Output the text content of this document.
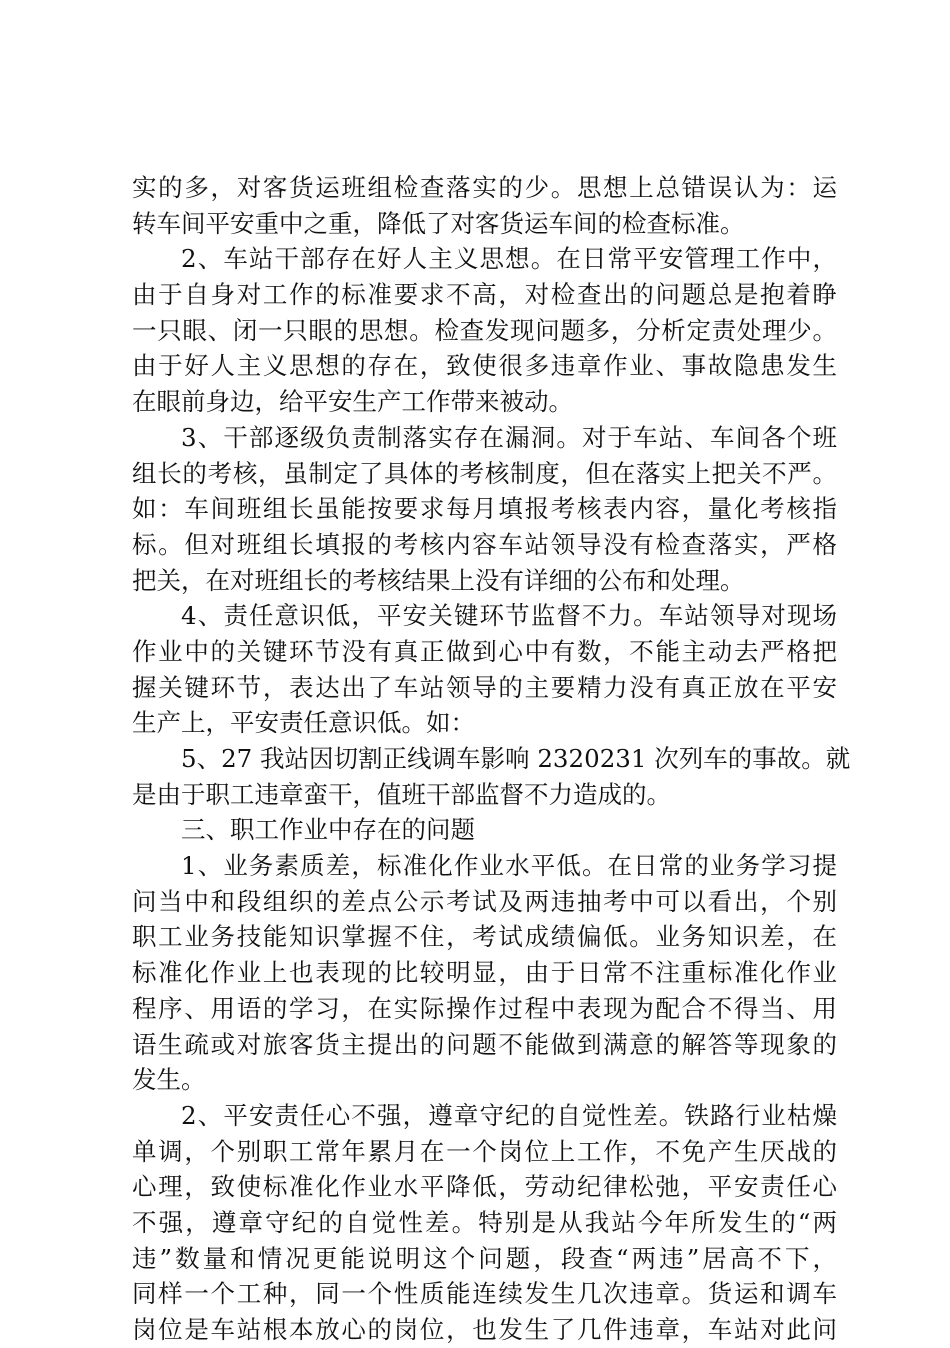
实的多，对客货运班组检查落实的少。思想上总错误认为：运
转车间平安重中之重，降低了对客货运车间的检查标准。
2、车站干部存在好人主义思想。在日常平安管理工作中，
由于自身对工作的标准要求不高，对检查出的问题总是抱着睁
一只眼、闭一只眼的思想。检查发现问题多，分析定责处理少。
由于好人主义思想的存在，致使很多违章作业、事故隐患发生
在眼前身边，给平安生产工作带来被动。
3、干部逐级负责制落实存在漏洞。对于车站、车间各个班
组长的考核，虽制定了具体的考核制度，但在落实上把关不严。
如：车间班组长虽能按要求每月填报考核表内容，量化考核指
标。但对班组长填报的考核内容车站领导没有检查落实，严格
把关，在对班组长的考核结果上没有详细的公布和处理。
4、责任意识低，平安关键环节监督不力。车站领导对现场
作业中的关键环节没有真正做到心中有数，不能主动去严格把
握关键环节，表达出了车站领导的主要精力没有真正放在平安
生产上，平安责任意识低。如：
5、27 我站因切割正线调车影响 2320231 次列车的事故。就
是由于职工违章蛮干，值班干部监督不力造成的。
三、职工作业中存在的问题
1、业务素质差，标准化作业水平低。在日常的业务学习提
问当中和段组织的差点公示考试及两违抽考中可以看出，个别
职工业务技能知识掌握不住，考试成绩偏低。业务知识差，在
标准化作业上也表现的比较明显，由于日常不注重标准化作业
程序、用语的学习，在实际操作过程中表现为配合不得当、用
语生疏或对旅客货主提出的问题不能做到满意的解答等现象的
发生。
2、平安责任心不强，遵章守纪的自觉性差。铁路行业枯燥
单调，个别职工常年累月在一个岗位上工作，不免产生厌战的
心理，致使标准化作业水平降低，劳动纪律松弛，平安责任心
不强，遵章守纪的自觉性差。特别是从我站今年所发生的“两
违”数量和情况更能说明这个问题，段查“两违”居高不下，
同样一个工种，同一个性质能连续发生几次违章。货运和调车
岗位是车站根本放心的岗位，也发生了几件违章，车站对此问
